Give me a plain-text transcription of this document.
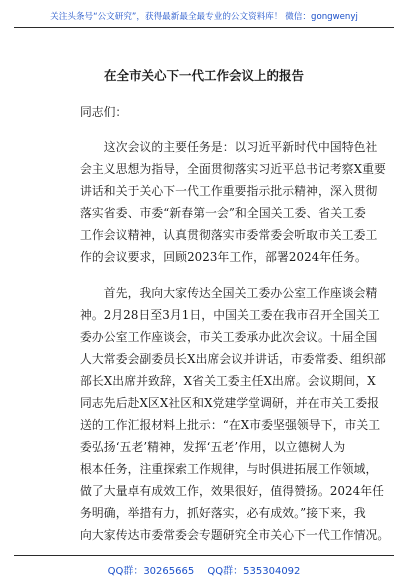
关注头条号“公文研究”，获得最新最全最专业的公文资料库！ 微信：gongwenyj
在全市关心下一代工作会议上的报告
同志们：
　　这次会议的主要任务是：以习近平新时代中国特色社
会主义思想为指导，全面贯彻落实习近平总书记考察X重要
讲话和关于关心下一代工作重要指示批示精神，深入贯彻
落实省委、市委“新春第一会”和全国关工委、省关工委
工作会议精神，认真贯彻落实市委常委会听取市关工委工
作的会议要求，回顾2023年工作，部署2024年任务。
　　首先，我向大家传达全国关工委办公室工作座谈会精
神。2月28日至3月1日，中国关工委在我市召开全国关工
委办公室工作座谈会，市关工委承办此次会议。十届全国
人大常委会副委员长X出席会议并讲话，市委常委、组织部
部长X出席并致辞，X省关工委主任X出席。会议期间，X
同志先后赴X区X社区和X党建学堂调研，并在市关工委报
送的工作汇报材料上批示：“在X市委坚强领导下，市关工
委弘扬‘五老’精神，发挥‘五老’作用，以立德树人为
根本任务，注重探索工作规律，与时俱进拓展工作领域，
做了大量卓有成效工作，效果很好，值得赞扬。2024年任
务明确，举措有力，抓好落实，必有成效。”接下来，我
向大家传达市委常委会专题研究全市关心下一代工作情况。
QQ群：30265665 QQ群：535304092
